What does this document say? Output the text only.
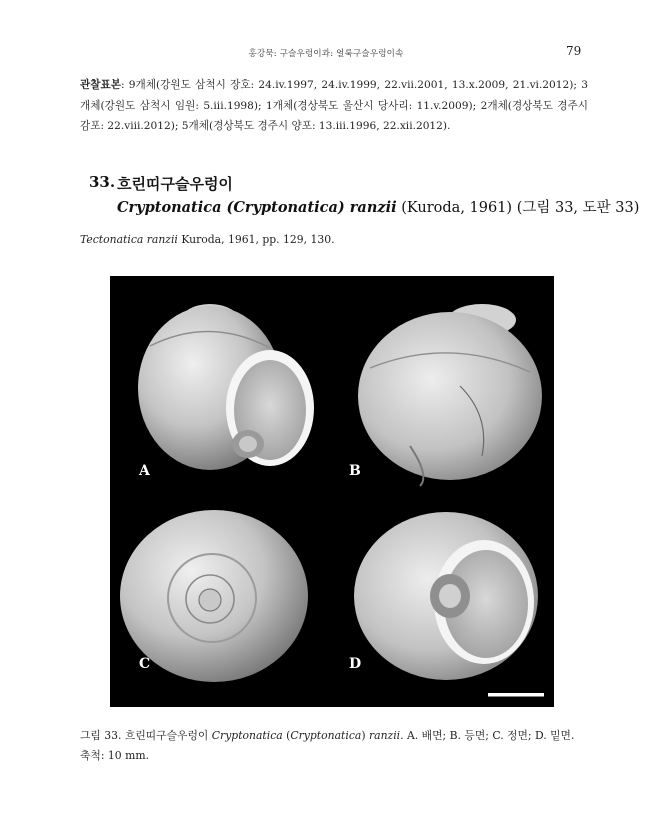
홍강묵: 구슬우렁이과: 얼룩구슬우렁이속	79
관찰표본: 9개체(강원도 삼척시 장호: 24.iv.1997, 24.iv.1999, 22.vii.2001, 13.x.2009, 21.vi.2012); 3개체(강원도 삼척시 임원: 5.iii.1998); 1개체(경상북도 울산시 당사리: 11.v.2009); 2개체(경상북도 경주시 감포: 22.viii.2012); 5개체(경상북도 경주시 양포: 13.iii.1996, 22.xii.2012).
33. 흐린띠구슬우렁이
Cryptonatica (Cryptonatica) ranzii (Kuroda, 1961) (그림 33, 도판 33)
Tectonatica ranzii Kuroda, 1961, pp. 129, 130.
A	B
C	D
그림 33. 흐린띠구슬우렁이 Cryptonatica (Cryptonatica) ranzii. A. 배면; B. 등면; C. 정면; D. 밑면. 축척: 10 mm.
